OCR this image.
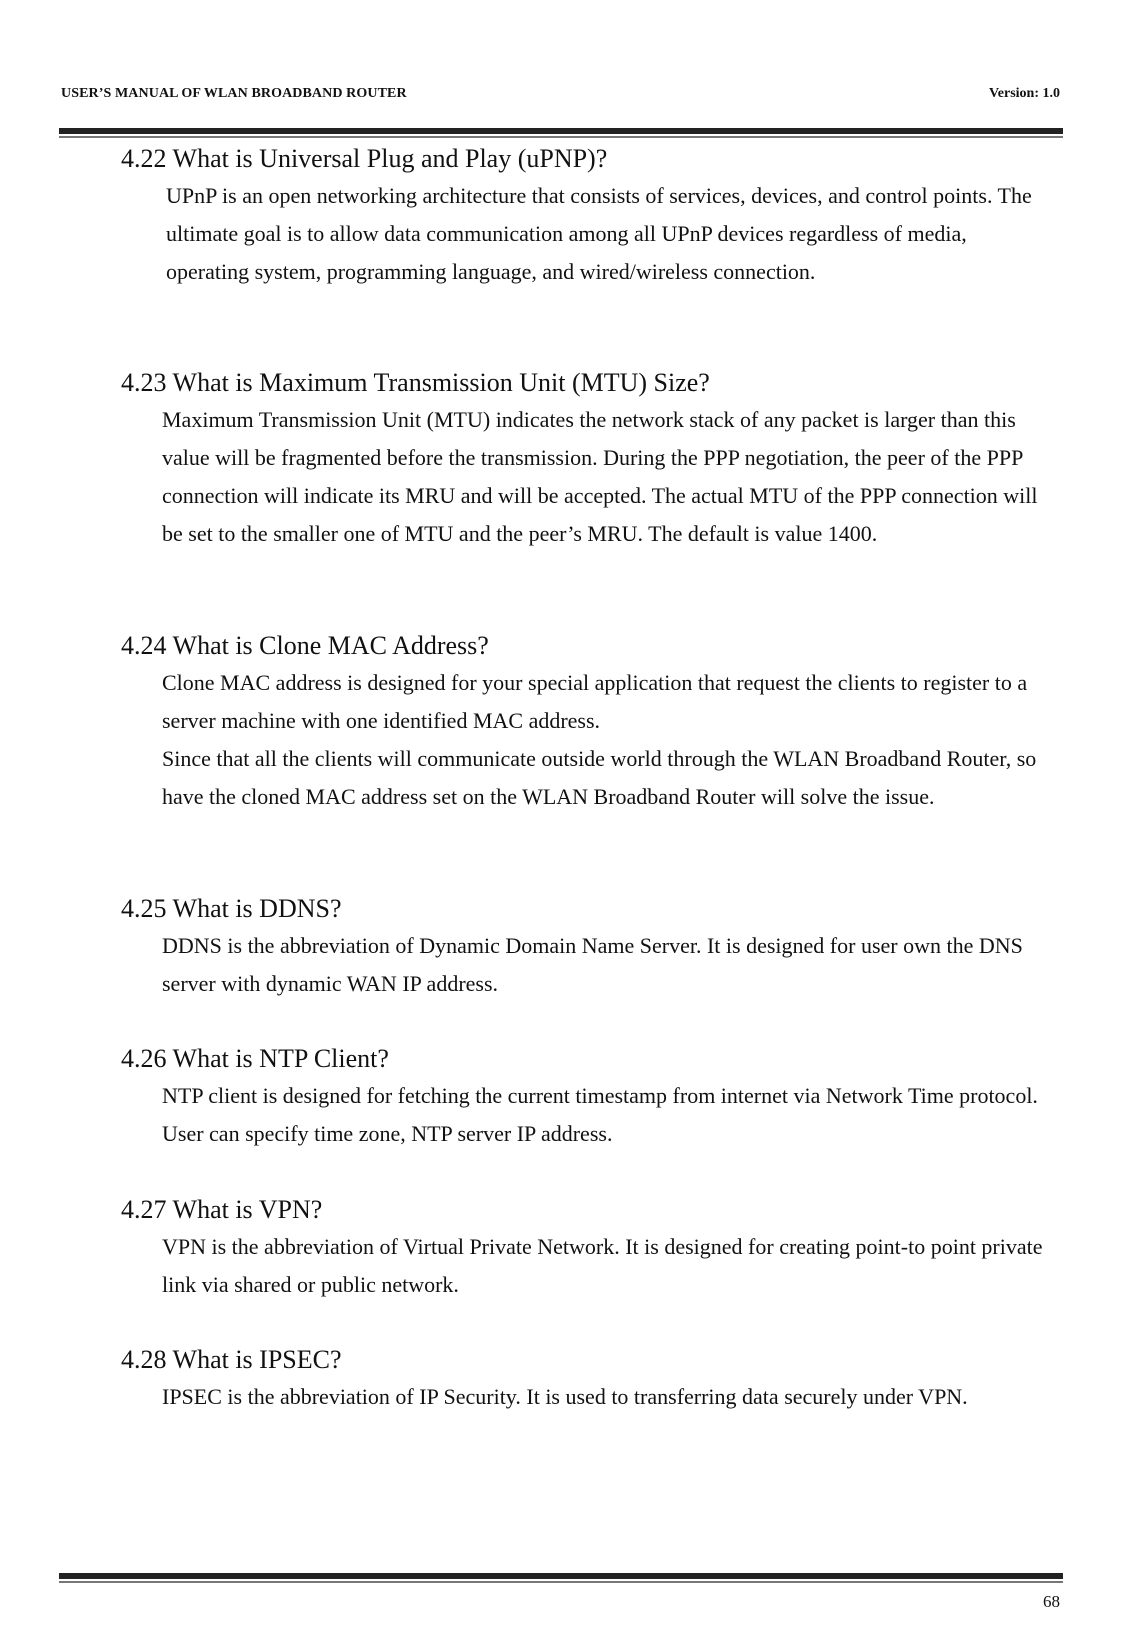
USER’S MANUAL OF WLAN BROADBAND ROUTER	Version: 1.0
4.22 What is Universal Plug and Play (uPNP)?

UPnP is an open networking architecture that consists of services, devices, and control points. The ultimate goal is to allow data communication among all UPnP devices regardless of media, operating system, programming language, and wired/wireless connection.

4.23 What is Maximum Transmission Unit (MTU) Size?

Maximum Transmission Unit (MTU) indicates the network stack of any packet is larger than this value will be fragmented before the transmission. During the PPP negotiation, the peer of the PPP connection will indicate its MRU and will be accepted. The actual MTU of the PPP connection will be set to the smaller one of MTU and the peer’s MRU. The default is value 1400.

4.24 What is Clone MAC Address?

Clone MAC address is designed for your special application that request the clients to register to a server machine with one identified MAC address.

Since that all the clients will communicate outside world through the WLAN Broadband Router, so have the cloned MAC address set on the WLAN Broadband Router will solve the issue.

4.25 What is DDNS?

DDNS is the abbreviation of Dynamic Domain Name Server. It is designed for user own the DNS server with dynamic WAN IP address.

4.26 What is NTP Client?

NTP client is designed for fetching the current timestamp from internet via Network Time protocol. User can specify time zone, NTP server IP address.

4.27 What is VPN?

VPN is the abbreviation of Virtual Private Network. It is designed for creating point-to point private link via shared or public network.

4.28 What is IPSEC?

IPSEC is the abbreviation of IP Security. It is used to transferring data securely under VPN.

68
